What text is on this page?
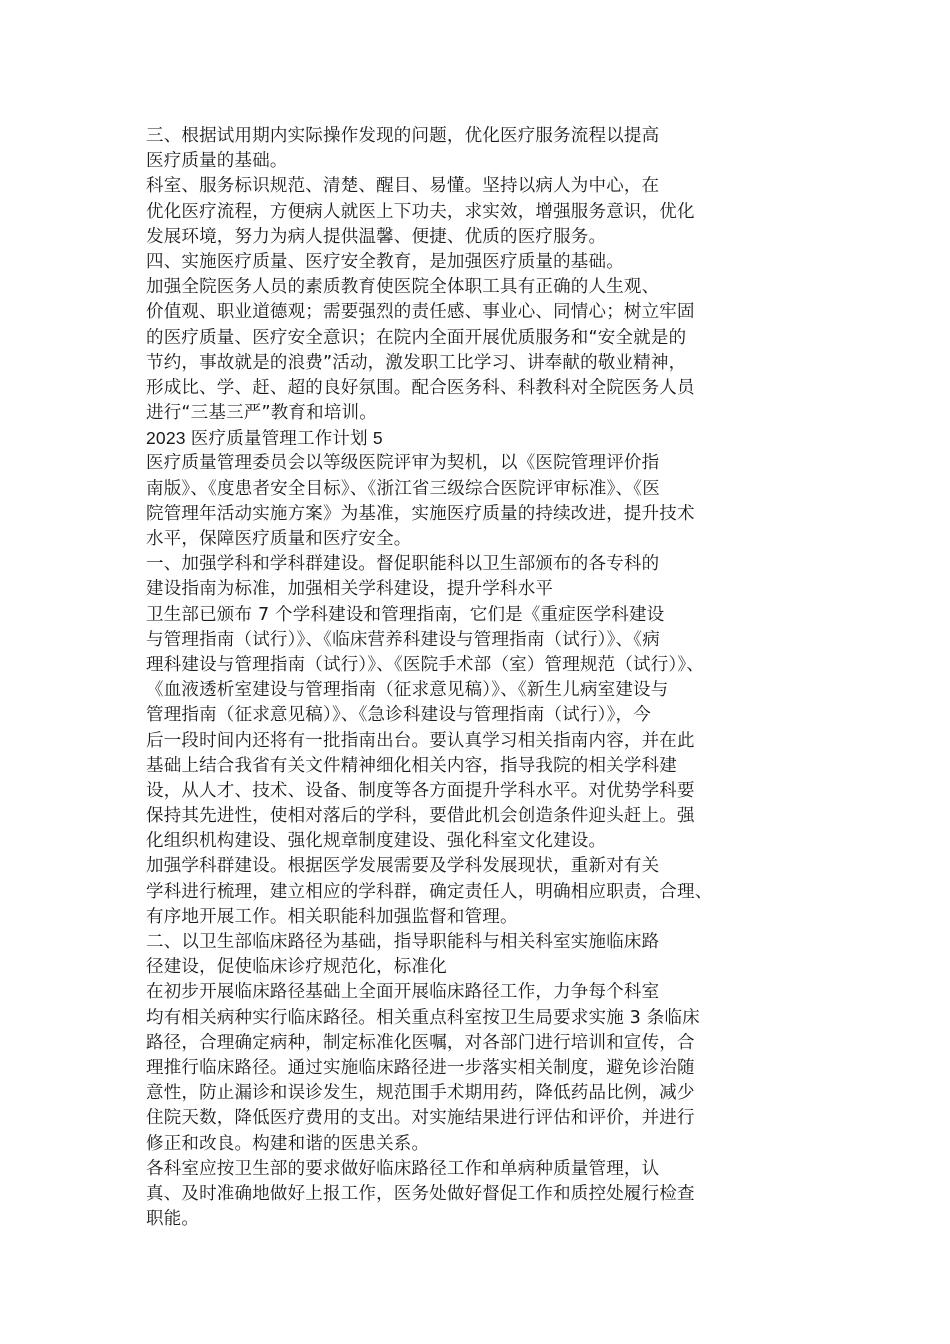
三、根据试用期内实际操作发现的问题，优化医疗服务流程以提高
医疗质量的基础。
科室、服务标识规范、清楚、醒目、易懂。坚持以病人为中心，在
优化医疗流程，方便病人就医上下功夫，求实效，增强服务意识，优化
发展环境，努力为病人提供温馨、便捷、优质的医疗服务。
四、实施医疗质量、医疗安全教育，是加强医疗质量的基础。
加强全院医务人员的素质教育使医院全体职工具有正确的人生观、
价值观、职业道德观；需要强烈的责任感、事业心、同情心；树立牢固
的医疗质量、医疗安全意识；在院内全面开展优质服务和“安全就是的
节约，事故就是的浪费”活动，激发职工比学习、讲奉献的敬业精神，
形成比、学、赶、超的良好氛围。配合医务科、科教科对全院医务人员
进行“三基三严”教育和培训。
2023 医疗质量管理工作计划 5
医疗质量管理委员会以等级医院评审为契机，以《医院管理评价指
南版》、《度患者安全目标》、《浙江省三级综合医院评审标准》、《医
院管理年活动实施方案》为基准，实施医疗质量的持续改进，提升技术
水平，保障医疗质量和医疗安全。
一、加强学科和学科群建设。督促职能科以卫生部颁布的各专科的
建设指南为标准，加强相关学科建设，提升学科水平
卫生部已颁布 7 个学科建设和管理指南，它们是《重症医学科建设
与管理指南（试行）》、《临床营养科建设与管理指南（试行）》、《病
理科建设与管理指南（试行）》、《医院手术部（室）管理规范（试行）》、
《血液透析室建设与管理指南（征求意见稿）》、《新生儿病室建设与
管理指南（征求意见稿）》、《急诊科建设与管理指南（试行）》，今
后一段时间内还将有一批指南出台。要认真学习相关指南内容，并在此
基础上结合我省有关文件精神细化相关内容，指导我院的相关学科建
设，从人才、技术、设备、制度等各方面提升学科水平。对优势学科要
保持其先进性，使相对落后的学科，要借此机会创造条件迎头赶上。强
化组织机构建设、强化规章制度建设、强化科室文化建设。
加强学科群建设。根据医学发展需要及学科发展现状，重新对有关
学科进行梳理，建立相应的学科群，确定责任人，明确相应职责，合理、
有序地开展工作。相关职能科加强监督和管理。
二、以卫生部临床路径为基础，指导职能科与相关科室实施临床路
径建设，促使临床诊疗规范化，标准化
在初步开展临床路径基础上全面开展临床路径工作，力争每个科室
均有相关病种实行临床路径。相关重点科室按卫生局要求实施 3 条临床
路径，合理确定病种，制定标准化医嘱，对各部门进行培训和宣传，合
理推行临床路径。通过实施临床路径进一步落实相关制度，避免诊治随
意性，防止漏诊和误诊发生，规范围手术期用药，降低药品比例，减少
住院天数，降低医疗费用的支出。对实施结果进行评估和评价，并进行
修正和改良。构建和谐的医患关系。
各科室应按卫生部的要求做好临床路径工作和单病种质量管理，认
真、及时准确地做好上报工作，医务处做好督促工作和质控处履行检查
职能。
